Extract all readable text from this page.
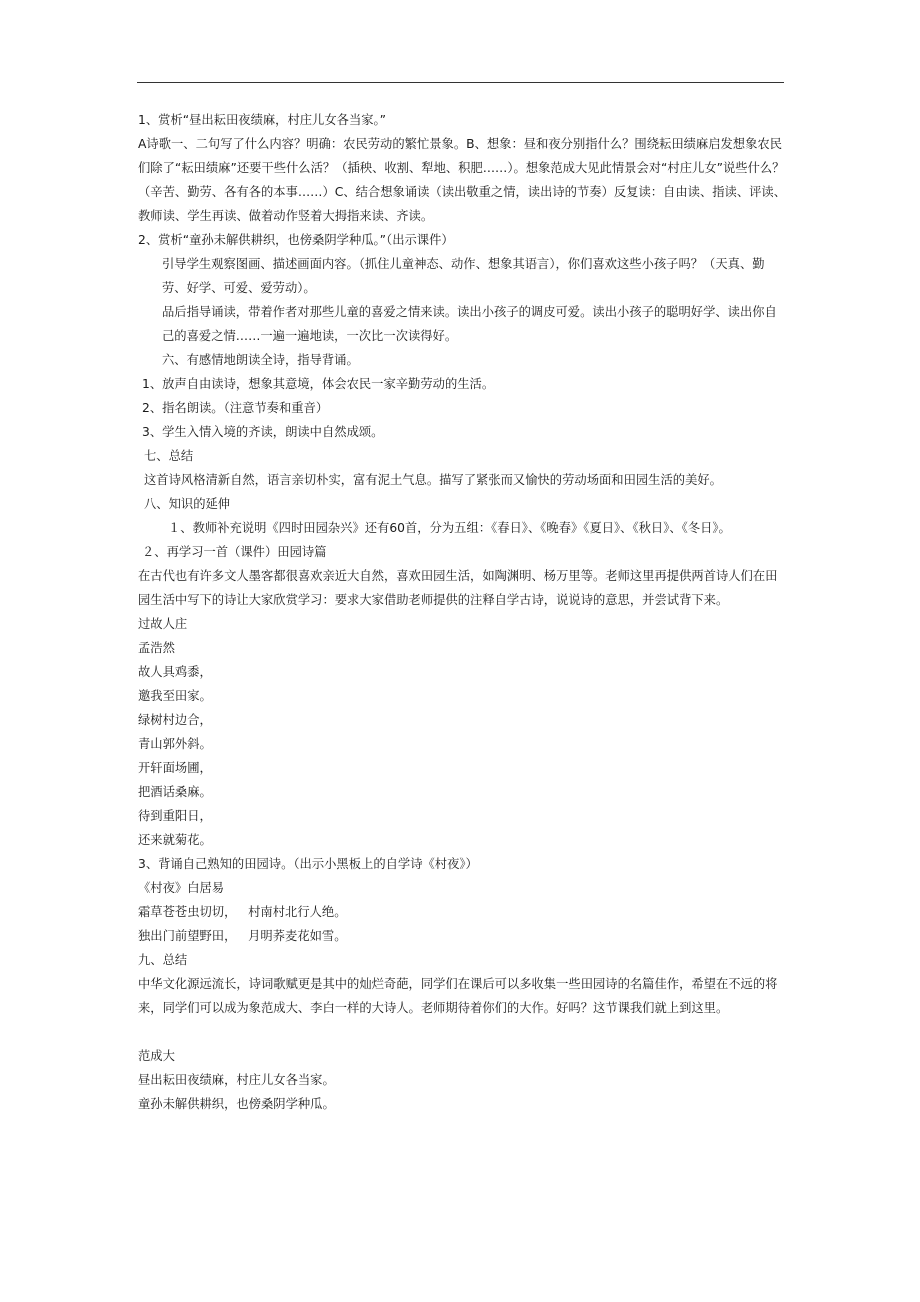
1、赏析“昼出耘田夜绩麻，村庄儿女各当家。”

A诗歌一、二句写了什么内容？明确：农民劳动的繁忙景象。B、想象：昼和夜分别指什么？围绕耘田绩麻启发想象农民们除了“耘田绩麻”还要干些什么活？（插秧、收割、犁地、积肥……）。想象范成大见此情景会对“村庄儿女”说些什么？（辛苦、勤劳、各有各的本事……）C、结合想象诵读（读出敬重之情，读出诗的节奏）反复读：自由读、指读、评读、教师读、学生再读、做着动作竖着大拇指来读、齐读。

2、赏析“童孙未解供耕织，也傍桑阴学种瓜。”（出示课件）

引导学生观察图画、描述画面内容。（抓住儿童神态、动作、想象其语言），你们喜欢这些小孩子吗？（天真、勤劳、好学、可爱、爱劳动）。

品后指导诵读，带着作者对那些儿童的喜爱之情来读。读出小孩子的调皮可爱。读出小孩子的聪明好学、读出你自己的喜爱之情……一遍一遍地读，一次比一次读得好。

六、有感情地朗读全诗，指导背诵。

1、放声自由读诗，想象其意境，体会农民一家辛勤劳动的生活。

2、指名朗读。（注意节奏和重音）

3、学生入情入境的齐读，朗读中自然成颂。

七、总结

这首诗风格清新自然，语言亲切朴实，富有泥土气息。描写了紧张而又愉快的劳动场面和田园生活的美好。

八、知识的延伸

１、教师补充说明《四时田园杂兴》还有60首，分为五组：《春日》、《晚春》《夏日》、《秋日》、《冬日》。

２、再学习一首（课件）田园诗篇

在古代也有许多文人墨客都很喜欢亲近大自然，喜欢田园生活，如陶渊明、杨万里等。老师这里再提供两首诗人们在田园生活中写下的诗让大家欣赏学习：要求大家借助老师提供的注释自学古诗，说说诗的意思，并尝试背下来。

过故人庄

孟浩然

故人具鸡黍，

邀我至田家。

绿树村边合，

青山郭外斜。

开轩面场圃，

把酒话桑麻。

待到重阳日，

还来就菊花。

3、背诵自己熟知的田园诗。（出示小黑板上的自学诗《村夜》）

《村夜》白居易

霜草苍苍虫切切， 村南村北行人绝。

独出门前望野田， 月明荞麦花如雪。

九、总结

中华文化源远流长，诗词歌赋更是其中的灿烂奇葩，同学们在课后可以多收集一些田园诗的名篇佳作，希望在不远的将来，同学们可以成为象范成大、李白一样的大诗人。老师期待着你们的大作。好吗？这节课我们就上到这里。

范成大

昼出耘田夜绩麻，村庄儿女各当家。

童孙未解供耕织，也傍桑阴学种瓜。
